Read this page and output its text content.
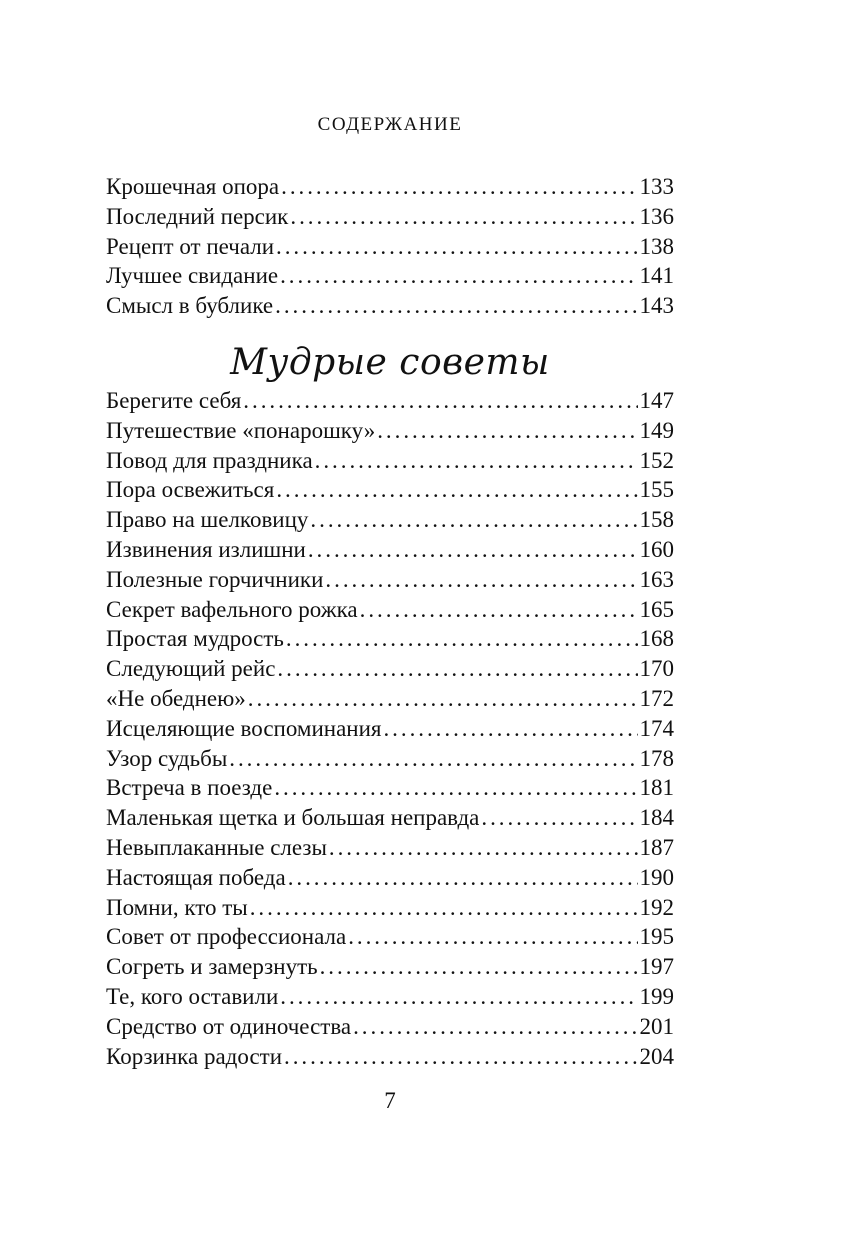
СОДЕРЖАНИЕ
Крошечная опора . . .	133
Последний персик . . .	136
Рецепт от печали . . .	138
Лучшее свидание . . .	141
Смысл в бублике . . .	143
Мудрые советы
Берегите себя . . .	147
Путешествие «понарошку» . . .	149
Повод для праздника . . .	152
Пора освежиться . . .	155
Право на шелковицу . . .	158
Извинения излишни . . .	160
Полезные горчичники . . .	163
Секрет вафельного рожка . . .	165
Простая мудрость . . .	168
Следующий рейс . . .	170
«Не обеднею» . . .	172
Исцеляющие воспоминания . . .	174
Узор судьбы . . .	178
Встреча в поезде . . .	181
Маленькая щетка и большая неправда . . .	184
Невыплаканные слезы . . .	187
Настоящая победа . . .	190
Помни, кто ты . . .	192
Совет от профессионала . . .	195
Согреть и замерзнуть . . .	197
Те, кого оставили . . .	199
Средство от одиночества . . .	201
Корзинка радости . . .	204
7
